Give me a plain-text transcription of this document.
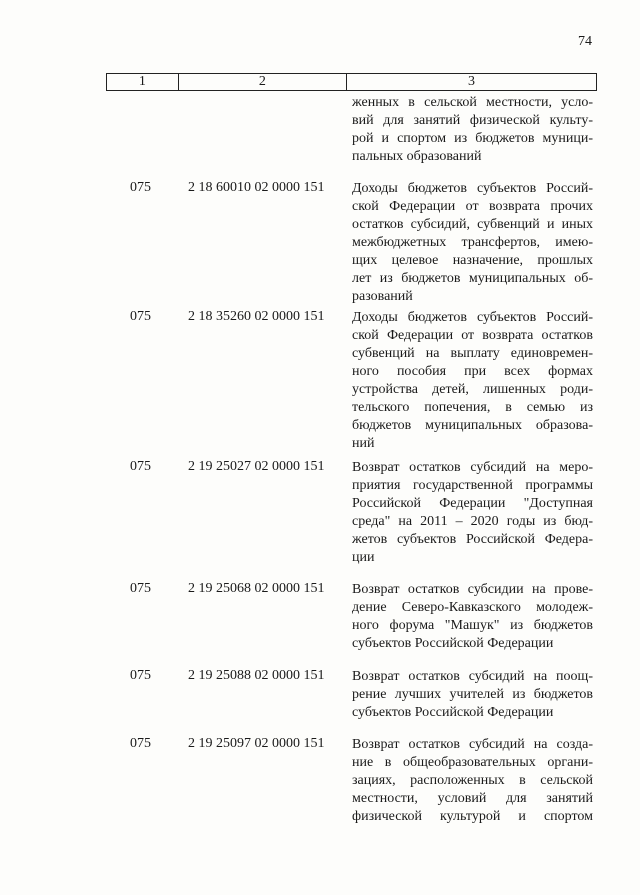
74
1	2	3
женных в сельской местности, усло-
вий для занятий физической культу-
рой и спортом из бюджетов муници-
пальных образований
075	2 18 60010 02 0000 151 Доходы бюджетов субъектов Россий-
ской Федерации от возврата прочих
остатков субсидий, субвенций и иных
межбюджетных трансфертов, имею-
щих целевое назначение, прошлых
лет из бюджетов муниципальных об-
разований
075	2 18 35260 02 0000 151 Доходы бюджетов субъектов Россий-
ской Федерации от возврата остатков
субвенций на выплату единовремен-
ного пособия при всех формах
устройства детей, лишенных роди-
тельского попечения, в семью из
бюджетов муниципальных образова-
ний
075	2 19 25027 02 0000 151 Возврат остатков субсидий на меро-
приятия государственной программы
Российской Федерации "Доступная
среда" на 2011 – 2020 годы из бюд-
жетов субъектов Российской Федера-
ции
075	2 19 25068 02 0000 151 Возврат остатков субсидии на прове-
дение Северо-Кавказского молодеж-
ного форума "Машук" из бюджетов
субъектов Российской Федерации
075	2 19 25088 02 0000 151 Возврат остатков субсидий на поощ-
рение лучших учителей из бюджетов
субъектов Российской Федерации
075	2 19 25097 02 0000 151 Возврат остатков субсидий на созда-
ние в общеобразовательных органи-
зациях, расположенных в сельской
местности, условий для занятий
физической культурой и спортом
